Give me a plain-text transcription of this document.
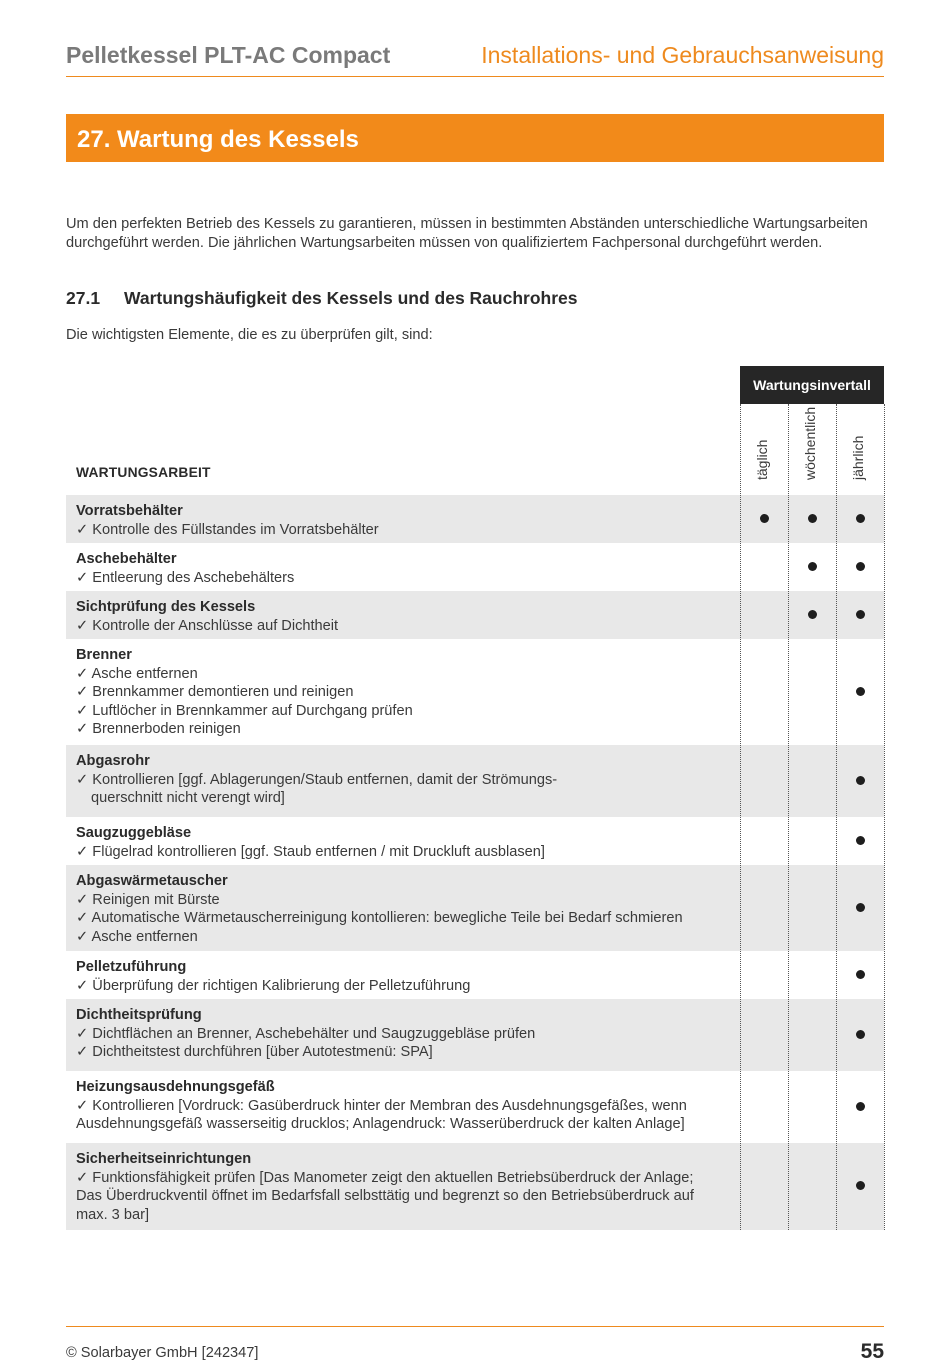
Pelletkessel PLT-AC Compact	Installations- und Gebrauchsanweisung
27. Wartung des Kessels
Um den perfekten Betrieb des Kessels zu garantieren, müssen in bestimmten Abständen unterschiedliche Wartungsarbeiten durchgeführt werden. Die jährlichen Wartungsarbeiten müssen von qualifiziertem Fachpersonal durchgeführt werden.
27.1 Wartungshäufigkeit des Kessels und des Rauchrohres
Die wichtigsten Elemente, die es zu überprüfen gilt, sind:
Wartungsinvertall
täglich wöchentlich jährlich
WARTUNGSARBEIT
Vorratsbehälter
✓ Kontrolle des Füllstandes im Vorratsbehälter
Aschebehälter
✓ Entleerung des Aschebehälters
Sichtprüfung des Kessels
✓ Kontrolle der Anschlüsse auf Dichtheit
Brenner
✓ Asche entfernen
✓ Brennkammer demontieren und reinigen
✓ Luftlöcher in Brennkammer auf Durchgang prüfen
✓ Brennerboden reinigen
Abgasrohr
✓ Kontrollieren [ggf. Ablagerungen/Staub entfernen, damit der Strömungs-
querschnitt nicht verengt wird]
Saugzuggebläse
✓ Flügelrad kontrollieren [ggf. Staub entfernen / mit Druckluft ausblasen]
Abgaswärmetauscher
✓ Reinigen mit Bürste
✓ Automatische Wärmetauscherreinigung kontollieren: bewegliche Teile bei Bedarf schmieren
✓ Asche entfernen
Pelletzuführung
✓ Überprüfung der richtigen Kalibrierung der Pelletzuführung
Dichtheitsprüfung
✓ Dichtflächen an Brenner, Aschebehälter und Saugzuggebläse prüfen
✓ Dichtheitstest durchführen [über Autotestmenü: SPA]
Heizungsausdehnungsgefäß
✓ Kontrollieren [Vordruck: Gasüberdruck hinter der Membran des Ausdehnungsgefäßes, wenn
Ausdehnungsgefäß wasserseitig drucklos; Anlagendruck: Wasserüberdruck der kalten Anlage]
Sicherheitseinrichtungen
✓ Funktionsfähigkeit prüfen [Das Manometer zeigt den aktuellen Betriebsüberdruck der Anlage;
Das Überdruckventil öffnet im Bedarfsfall selbsttätig und begrenzt so den Betriebsüberdruck auf
max. 3 bar]
© Solarbayer GmbH [242347]	55
